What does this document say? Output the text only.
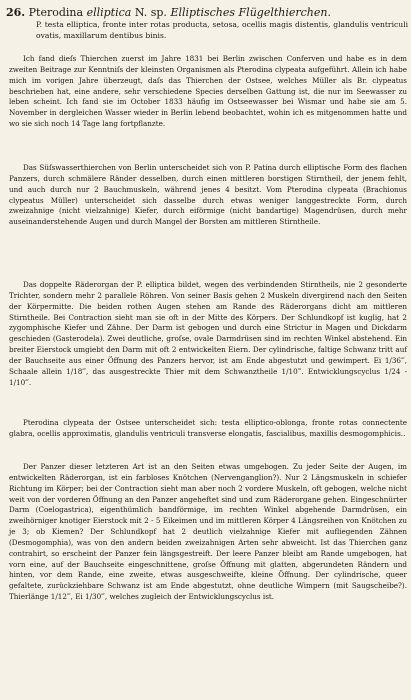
26. Pterodina elliptica N. sp. Elliptisches Flügelthierchen.
P. testa elliptica, fronte inter rotas producta, setosa, ocellis magis distentis, glandulis ventriculi ovatis, maxillarum dentibus binis.
Ich fand dieſs Thierchen zuerst im Jahre 1831 bei Berlin zwischen Conferven und habe es in dem zweiten Beitrage zur Kenntniſs der kleinsten Organismen als Pterodina clypeata aufgeführt. Allein ich habe mich im vorigen Jahre überzeugt, daſs das Thierchen der Ostsee, welches Müller als Br. clypeatus beschrieben hat, eine andere, sehr verschiedene Species derselben Gattung ist, die nur im Seewasser zu leben scheint. Ich fand sie im October 1833 häufig im Ostseewasser bei Wismar und habe sie am 5. November in dergleichen Wasser wieder in Berlin lebend beobachtet, wohin ich es mitgenommen hatte und wo sie sich noch 14 Tage lang fortpflanzte.
Das Süſswasserthierchen von Berlin unterscheidet sich von P. Patina durch elliptische Form des flachen Panzers, durch schmälere Ränder desselben, durch einen mittleren borstigen Stirntheil, der jenem fehlt, und auch durch nur 2 Bauchmuskeln, während jenes 4 besitzt. Vom Pterodina clypeata (Brachionus clypeatus Müller) unterscheidet sich dasselbe durch etwas weniger langgestreckte Form, durch zweizahnige (nicht vielzahnige) Kiefer, durch eiförmige (nicht bandartige) Magendrüsen, durch mehr auseinanderstehende Augen und durch Mangel der Borsten am mittleren Stirntheile.
Das doppelte Räderorgan der P. elliptica bildet, wegen des verbindenden Stirntheils, nie 2 gesonderte Trichter, sondern mehr 2 parallele Röhren. Von seiner Basis gehen 2 Muskeln divergirend nach den Seiten der Körpermitte. Die beiden rothen Augen stehen am Rande des Räderorgans dicht am mittleren Stirntheile. Bei Contraction sieht man sie oft in der Mitte des Körpers. Der Schlundkopf ist kuglig, hat 2 zygomphische Kiefer und Zähne. Der Darm ist gebogen und durch eine Strictur in Magen und Dickdarm geschieden (Gasterodela). Zwei deutliche, groſse, ovale Darmdrüsen sind im rechten Winkel abstehend. Ein breiter Eierstock umgiebt den Darm mit oft 2 entwickelten Eiern. Der cylindrische, faltige Schwanz tritt auf der Bauchseite aus einer Öffnung des Panzers hervor, ist am Ende abgestutzt und gewimpert. Ei 1/36‴, Schaale allein 1/18‴, das ausgestreckte Thier mit dem Schwanztheile 1/10‴. Entwicklungscyclus 1/24 - 1/10‴.
Pterodina clypeata der Ostsee unterscheidet sich: testa elliptico-oblonga, fronte rotas connectente glabra, ocellis approximatis, glandulis ventriculi transverse elongatis, fascialibus, maxillis desmogomphicis..
Der Panzer dieser letzteren Art ist an den Seiten etwas umgebogen. Zu jeder Seite der Augen, im entwickelten Räderorgan, ist ein farbloses Knötchen (Nervenganglion?). Nur 2 Längsmuskeln in schiefer Richtung im Körper; bei der Contraction sieht man aber noch 2 vordere Muskeln, oft gebogen, welche nicht weit von der vorderen Öffnung an den Panzer angeheftet sind und zum Räderorgane gehen. Eingeschnürter Darm (Coelogastrica), eigenthümlich bandförmige, im rechten Winkel abgehende Darmdrüsen, ein zweihörniger knotiger Eierstock mit 2 - 5 Eikeimen und im mittleren Körper 4 Längsreihen von Knötchen zu je 3; ob Kiemen? Der Schlundkopf hat 2 deutlich vielzahnige Kiefer mit aufliegenden Zähnen (Desmogomphia), was von den andern beiden zweizahnigen Arten sehr abweicht. Ist das Thierchen ganz contrahirt, so erscheint der Panzer fein längsgestreift. Der leere Panzer bleibt am Rande umgebogen, hat vorn eine, auf der Bauchseite eingeschnittene, groſse Öffnung mit glatten, abgerundeten Rändern und hinten, vor dem Rande, eine zweite, etwas ausgeschweifte, kleine Öffnung. Der cylindrische, queer gefaltete, zurückziehbare Schwanz ist am Ende abgestutzt, ohne deutliche Wimpern (mit Saugscheibe?). Thierlänge 1/12‴, Ei 1/30‴, welches zugleich der Entwicklungscyclus ist.
